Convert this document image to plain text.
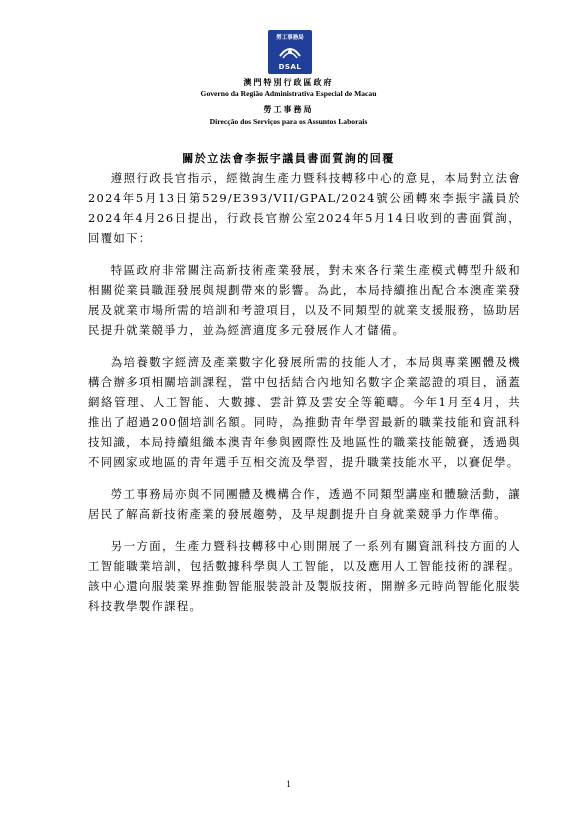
勞工事務局
DSAL
澳門特別行政區政府
Governo da Região Administrativa Especial de Macau
勞工事務局
Direcção dos Serviços para os Assuntos Laborais
關於立法會李振宇議員書面質詢的回覆

遵照行政長官指示，經徵詢生產力暨科技轉移中心的意見，本局對立法會2024年5月13日第529/E393/VII/GPAL/2024號公函轉來李振宇議員於2024年4月26日提出，行政長官辦公室2024年5月14日收到的書面質詢，回覆如下：

特區政府非常關注高新技術產業發展，對未來各行業生產模式轉型升級和相關從業員職涯發展與規劃帶來的影響。為此，本局持續推出配合本澳產業發展及就業市場所需的培訓和考證項目，以及不同類型的就業支援服務，協助居民提升就業競爭力，並為經濟適度多元發展作人才儲備。

為培養數字經濟及產業數字化發展所需的技能人才，本局與專業團體及機構合辦多項相關培訓課程，當中包括結合內地知名數字企業認證的項目，涵蓋網絡管理、人工智能、大數據、雲計算及雲安全等範疇。今年1月至4月，共推出了超過200個培訓名額。同時，為推動青年學習最新的職業技能和資訊科技知識，本局持續組織本澳青年參與國際性及地區性的職業技能競賽，透過與不同國家或地區的青年選手互相交流及學習，提升職業技能水平，以賽促學。

勞工事務局亦與不同團體及機構合作，透過不同類型講座和體驗活動，讓居民了解高新技術產業的發展趨勢，及早規劃提升自身就業競爭力作準備。

另一方面，生產力暨科技轉移中心則開展了一系列有關資訊科技方面的人工智能職業培訓，包括數據科學與人工智能，以及應用人工智能技術的課程。該中心還向服裝業界推動智能服裝設計及製版技術，開辦多元時尚智能化服裝科技教學製作課程。

1
